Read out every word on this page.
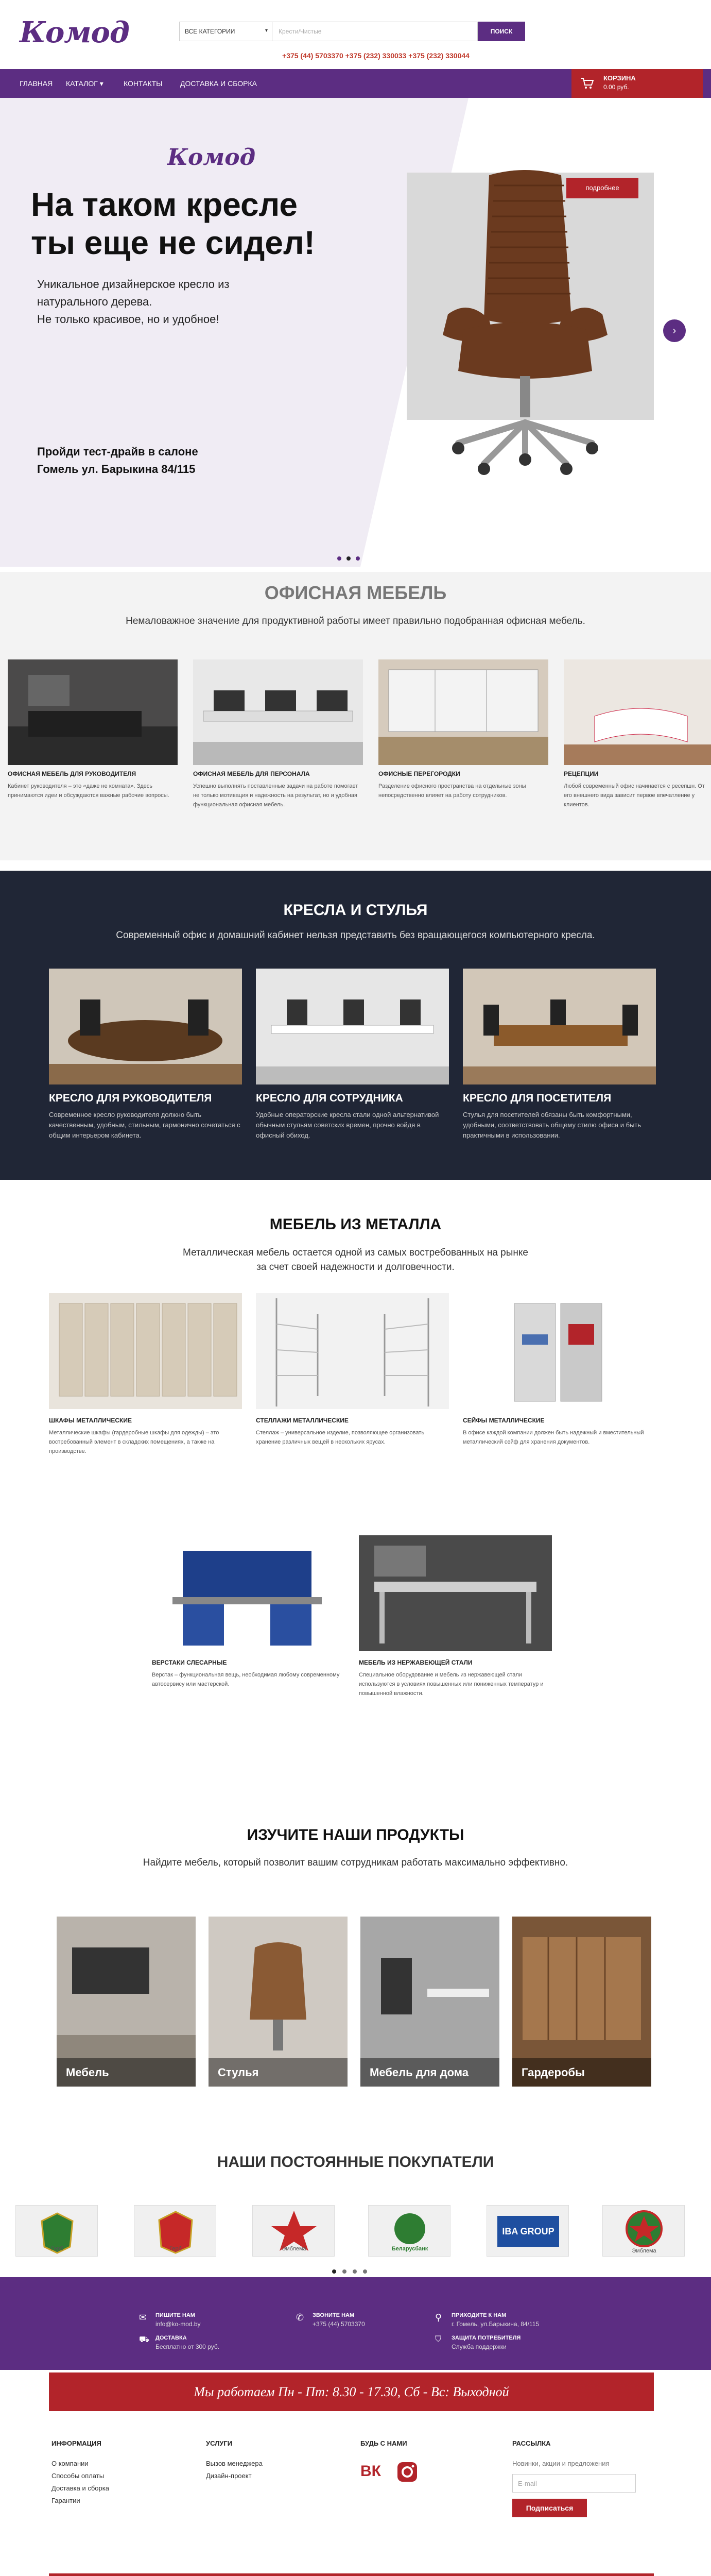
Комод	ВСЕ КАТЕГОРИИ	▾	Крести/Чистые	ПОИСК
+375 (44) 5703370 +375 (232) 330033 +375 (232) 330044
ГЛАВНАЯ КАТАЛОГ ▾	КОНТАКТЫ ДОСТАВКА И СБОРКА
КОРЗИНА
0.00 руб.
Комод
На таком кресле
ты еще не сидел!
Уникальное дизайнерское кресло из
натурального дерева.
Не только красивое, но и удобное!
Пройди тест-драйв в салоне
Гомель ул. Барыкина 84/115
подробнее
›
ОФИСНАЯ МЕБЕЛЬ
Немаловажное значение для продуктивной работы имеет правильно подобранная офисная мебель.
ОФИСНАЯ МЕБЕЛЬ ДЛЯ РУКОВОДИТЕЛЯ
Кабинет руководителя – это «даже не комната». Здесь принимаются идеи и обсуждаются важные рабочие вопросы.
ОФИСНАЯ МЕБЕЛЬ ДЛЯ ПЕРСОНАЛА
Успешно выполнять поставленные задачи на работе помогает не только мотивация и надежность на результат, но и удобная функциональная офисная мебель.
ОФИСНЫЕ ПЕРЕГОРОДКИ
Разделение офисного пространства на отдельные зоны непосредственно влияет на работу сотрудников.
РЕЦЕПЦИИ
Любой современный офис начинается с ресепшн. От его внешнего вида зависит первое впечатление у клиентов.
КРЕСЛА И СТУЛЬЯ
Современный офис и домашний кабинет нельзя представить без вращающегося компьютерного кресла.
КРЕСЛО ДЛЯ РУКОВОДИТЕЛЯ
Современное кресло руководителя должно быть качественным, удобным, стильным, гармонично сочетаться с общим интерьером кабинета.
КРЕСЛО ДЛЯ СОТРУДНИКА
Удобные операторские кресла стали одной альтернативой обычным стульям советских времен, прочно войдя в офисный обиход.
КРЕСЛО ДЛЯ ПОСЕТИТЕЛЯ
Стулья для посетителей обязаны быть комфортными, удобными, соответствовать общему стилю офиса и быть практичными в использовании.
МЕБЕЛЬ ИЗ МЕТАЛЛА
Металлическая мебель остается одной из самых востребованных на рынке
за счет своей надежности и долговечности.
ШКАФЫ МЕТАЛЛИЧЕСКИЕ
Металлические шкафы (гардеробные шкафы для одежды) – это востребованный элемент в складских помещениях, а также на производстве.
СТЕЛЛАЖИ МЕТАЛЛИЧЕСКИЕ
Стеллаж – универсальное изделие, позволяющее организовать хранение различных вещей в нескольких ярусах.
СЕЙФЫ МЕТАЛЛИЧЕСКИЕ
В офисе каждой компании должен быть надежный и вместительный металлический сейф для хранения документов.
ВЕРСТАКИ СЛЕСАРНЫЕ
Верстак – функциональная вещь, необходимая любому современному автосервису или мастерской.
МЕБЕЛЬ ИЗ НЕРЖАВЕЮЩЕЙ СТАЛИ
Специальное оборудование и мебель из нержавеющей стали используются в условиях повышенных или пониженных температур и повышенной влажности.
ИЗУЧИТЕ НАШИ ПРОДУКТЫ
Найдите мебель, который позволит вашим сотрудникам работать максимально эффективно.
Мебель	Стулья	Мебель для дома	Гардеробы
НАШИ ПОСТОЯННЫЕ ПОКУПАТЕЛИ
Герб	Герб	Эмблема	Беларусбанк
IBA GROUP
Эмблема
✉ ПИШИТЕ НАМ
info@ko-mod.by
⛟ ДОСТАВКА
Бесплатно от 300 руб.
✆ ЗВОНИТЕ НАМ
+375 (44) 5703370
⚲ ПРИХОДИТЕ К НАМ
г. Гомель, ул.Барыкина, 84/115
⛉ ЗАЩИТА ПОТРЕБИТЕЛЯ
Служба поддержки
Мы работаем Пн - Пт: 8.30 - 17.30, Сб - Вс: Выходной
ИНФОРМАЦИЯ
О компании
Способы оплаты
Доставка и сборка
Гарантии
УСЛУГИ
Вызов менеджера
Дизайн-проект
БУДЬ С НАМИ
ВК
РАССЫЛКА
Новинки, акции и предложения
E-mail
Подписаться
